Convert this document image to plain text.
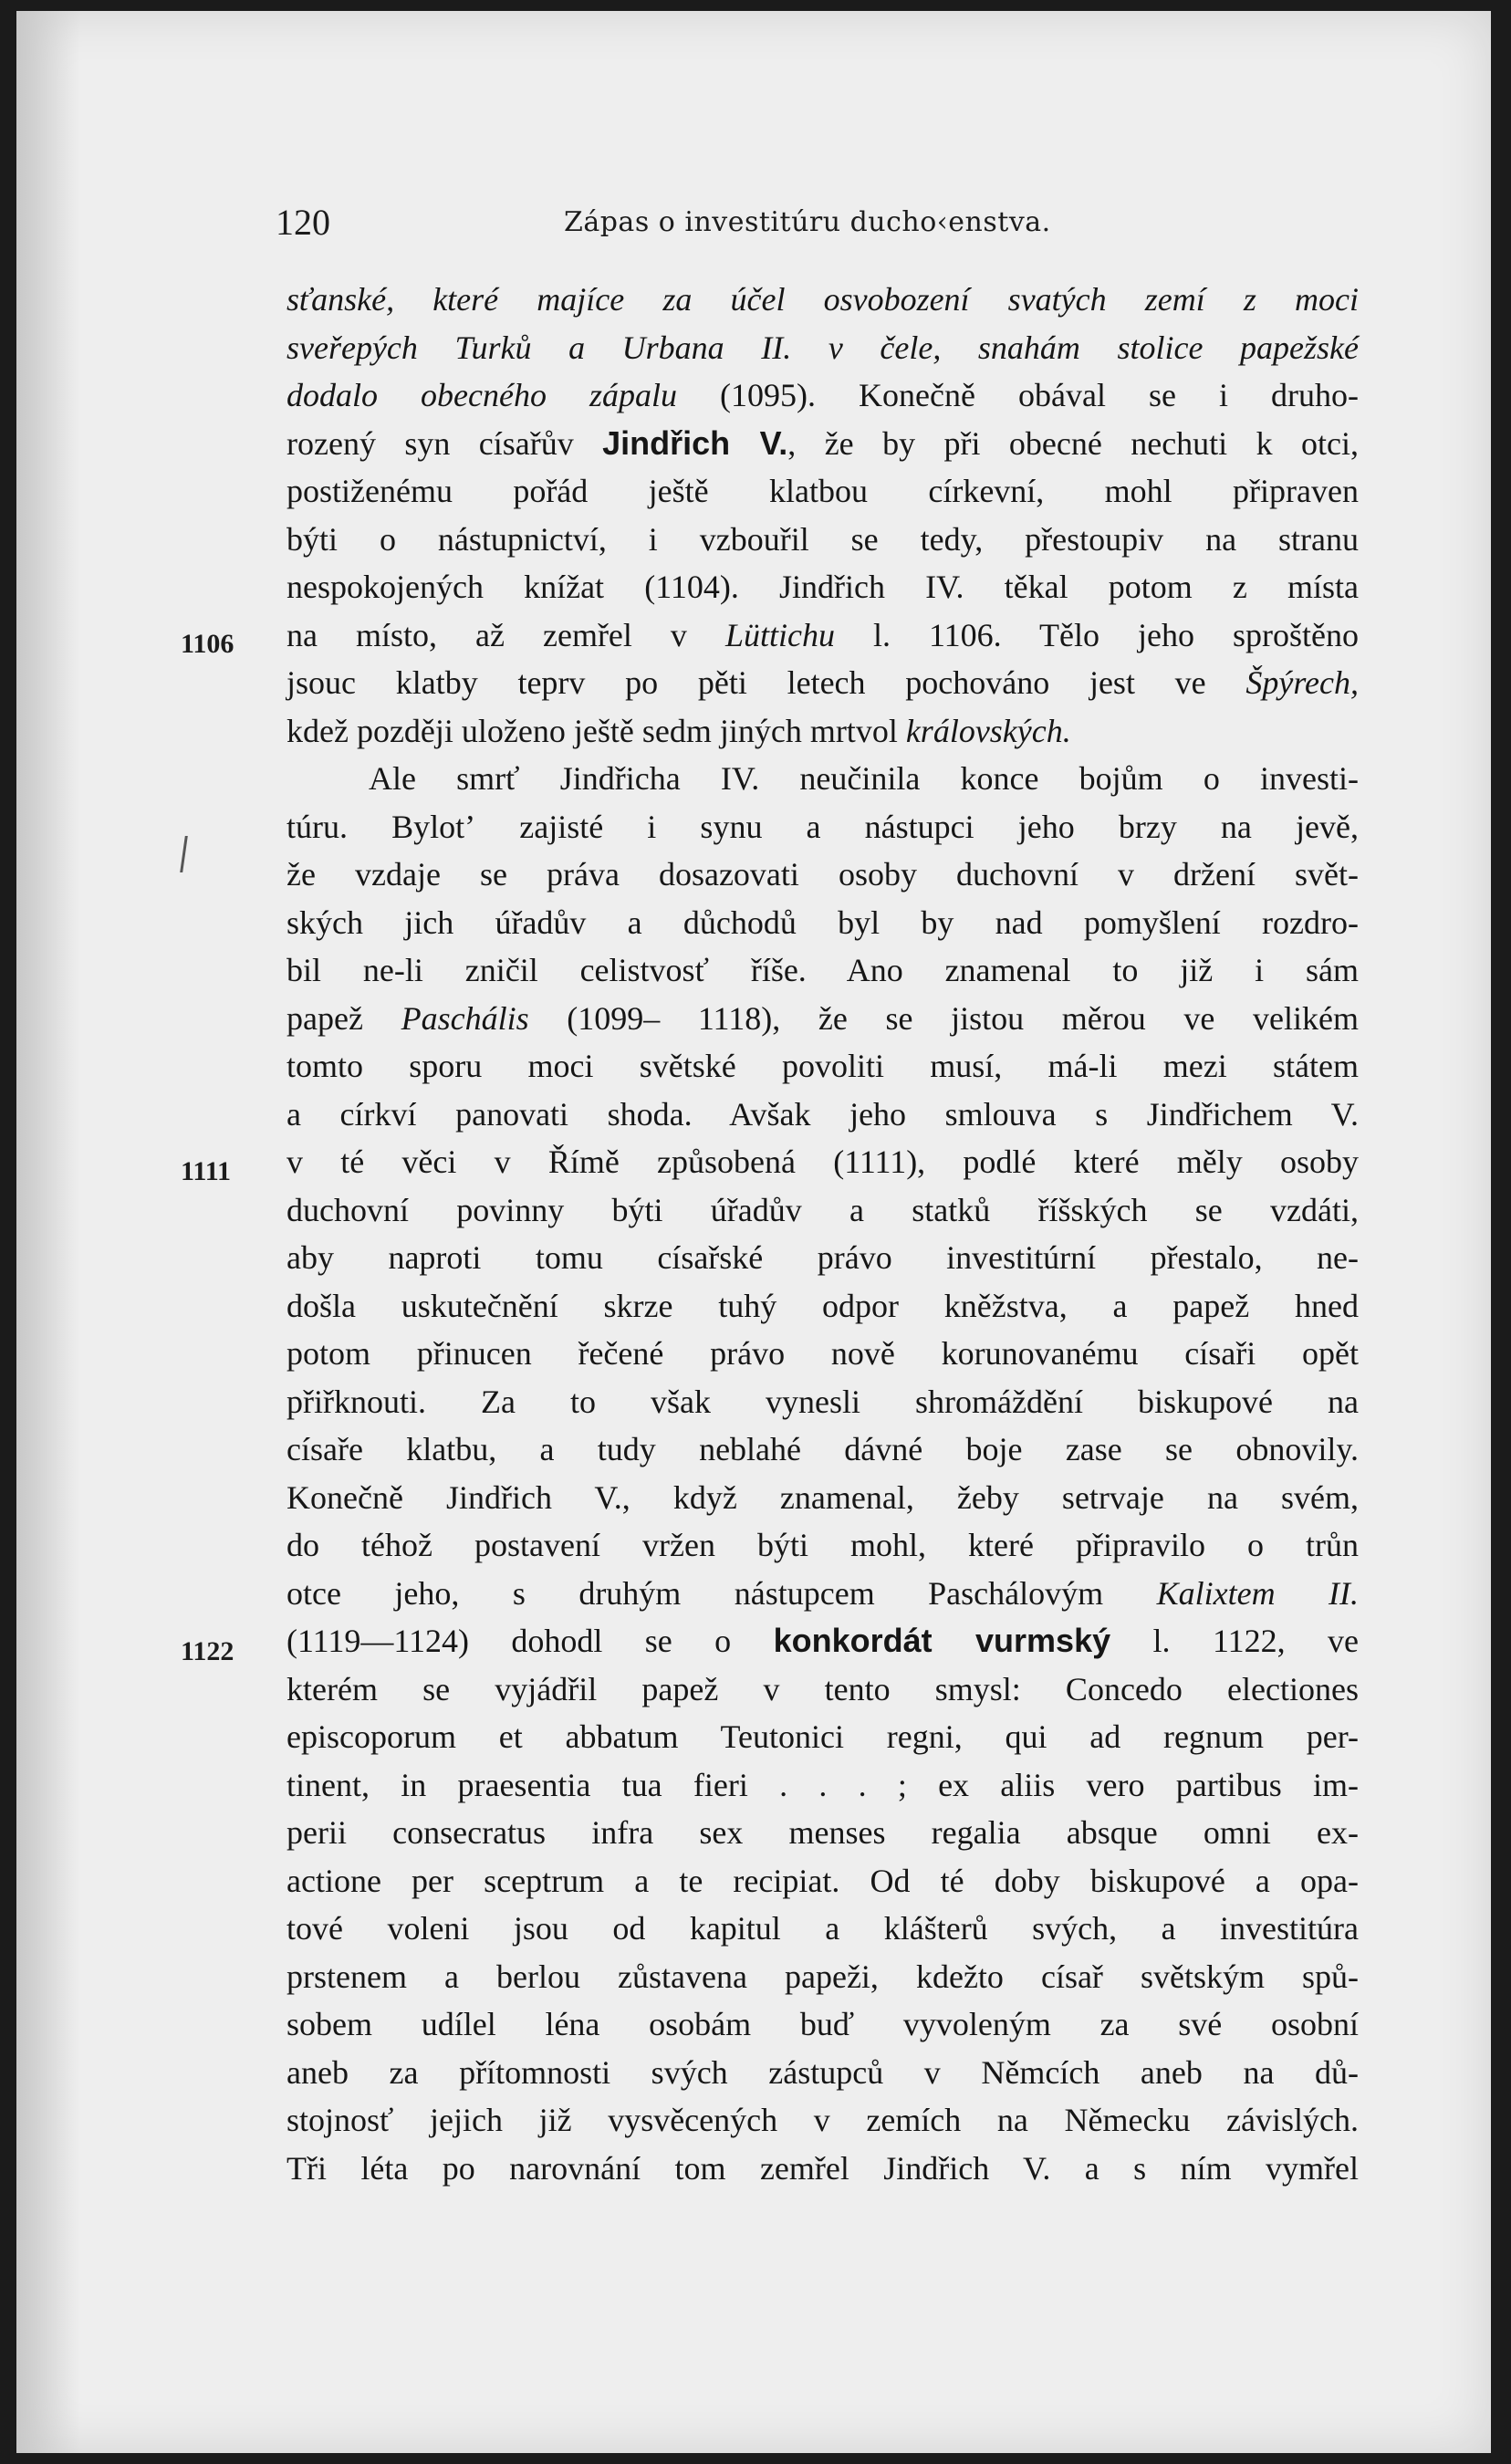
120	Zápas o investitúru ducho‹enstva.
1106
1111
1122
sťanské, které majíce za účel osvobození svatých zemí z moci
sveřepých Turků a Urbana II. v čele, snahám stolice papežské
dodalo obecného zápalu (1095). Konečně obával se i druho-
rozený syn císařův Jindřich V., že by při obecné nechuti k otci,
postiženému pořád ještě klatbou církevní, mohl připraven
býti o nástupnictví, i vzbouřil se tedy, přestoupiv na stranu
nespokojených knížat (1104). Jindřich IV. těkal potom z místa
na místo, až zemřel v Lüttichu l. 1106. Tělo jeho sproštěno
jsouc klatby teprv po pěti letech pochováno jest ve Špýrech,
kdež později uloženo ještě sedm jiných mrtvol královských.
Ale smrť Jindřicha IV. neučinila konce bojům o investi-
túru. Bylotʼ zajisté i synu a nástupci jeho brzy na jevě,
že vzdaje se práva dosazovati osoby duchovní v držení svět-
ských jich úřadův a důchodů byl by nad pomyšlení rozdro-
bil ne-li zničil celistvosť říše. Ano znamenal to již i sám
papež Paschális (1099– 1118), že se jistou měrou ve velikém
tomto sporu moci světské povoliti musí, má-li mezi státem
a církví panovati shoda. Avšak jeho smlouva s Jindřichem V.
v té věci v Římě způsobená (1111), podlé které měly osoby
duchovní povinny býti úřadův a statků říšských se vzdáti,
aby naproti tomu císařské právo investitúrní přestalo, ne-
došla uskutečnění skrze tuhý odpor kněžstva, a papež hned
potom přinucen řečené právo nově korunovanému císaři opět
přiřknouti. Za to však vynesli shromáždění biskupové na
císaře klatbu, a tudy neblahé dávné boje zase se obnovily.
Konečně Jindřich V., když znamenal, žeby setrvaje na svém,
do téhož postavení vržen býti mohl, které připravilo o trůn
otce jeho, s druhým nástupcem Paschálovým Kalixtem II.
(1119—1124) dohodl se o konkordát vurmský l. 1122, ve
kterém se vyjádřil papež v tento smysl: Concedo electiones
episcoporum et abbatum Teutonici regni, qui ad regnum per-
tinent, in praesentia tua fieri . . . ; ex aliis vero partibus im-
perii consecratus infra sex menses regalia absque omni ex-
actione per sceptrum a te recipiat. Od té doby biskupové a opa-
tové voleni jsou od kapitul a klášterů svých, a investitúra
prstenem a berlou zůstavena papeži, kdežto císař světským spů-
sobem udílel léna osobám buď vyvoleným za své osobní
aneb za přítomnosti svých zástupců v Němcích aneb na dů-
stojnosť jejich již vysvěcených v zemích na Německu závislých.
Tři léta po narovnání tom zemřel Jindřich V. a s ním vymřel
